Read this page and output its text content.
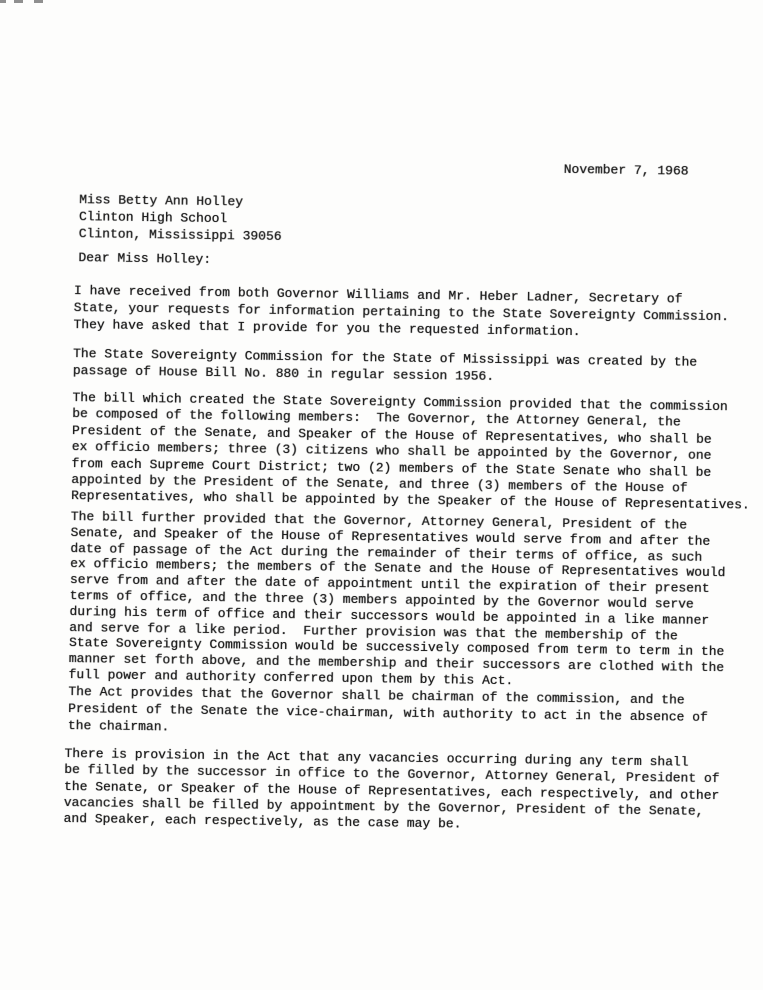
November 7, 1968
Miss Betty Ann Holley
Clinton High School
Clinton, Mississippi 39056
Dear Miss Holley:
I have received from both Governor Williams and Mr. Heber Ladner, Secretary of
State, your requests for information pertaining to the State Sovereignty Commission.
They have asked that I provide for you the requested information.
The State Sovereignty Commission for the State of Mississippi was created by the
passage of House Bill No. 880 in regular session 1956.
The bill which created the State Sovereignty Commission provided that the commission
be composed of the following members:  The Governor, the Attorney General, the
President of the Senate, and Speaker of the House of Representatives, who shall be
ex officio members; three (3) citizens who shall be appointed by the Governor, one
from each Supreme Court District; two (2) members of the State Senate who shall be
appointed by the President of the Senate, and three (3) members of the House of
Representatives, who shall be appointed by the Speaker of the House of Representatives.
The bill further provided that the Governor, Attorney General, President of the
Senate, and Speaker of the House of Representatives would serve from and after the
date of passage of the Act during the remainder of their terms of office, as such
ex officio members; the members of the Senate and the House of Representatives would
serve from and after the date of appointment until the expiration of their present
terms of office, and the three (3) members appointed by the Governor would serve
during his term of office and their successors would be appointed in a like manner
and serve for a like period.  Further provision was that the membership of the
State Sovereignty Commission would be successively composed from term to term in the
manner set forth above, and the membership and their successors are clothed with the
full power and authority conferred upon them by this Act.
The Act provides that the Governor shall be chairman of the commission, and the
President of the Senate the vice-chairman, with authority to act in the absence of
the chairman.
There is provision in the Act that any vacancies occurring during any term shall
be filled by the successor in office to the Governor, Attorney General, President of
the Senate, or Speaker of the House of Representatives, each respectively, and other
vacancies shall be filled by appointment by the Governor, President of the Senate,
and Speaker, each respectively, as the case may be.
